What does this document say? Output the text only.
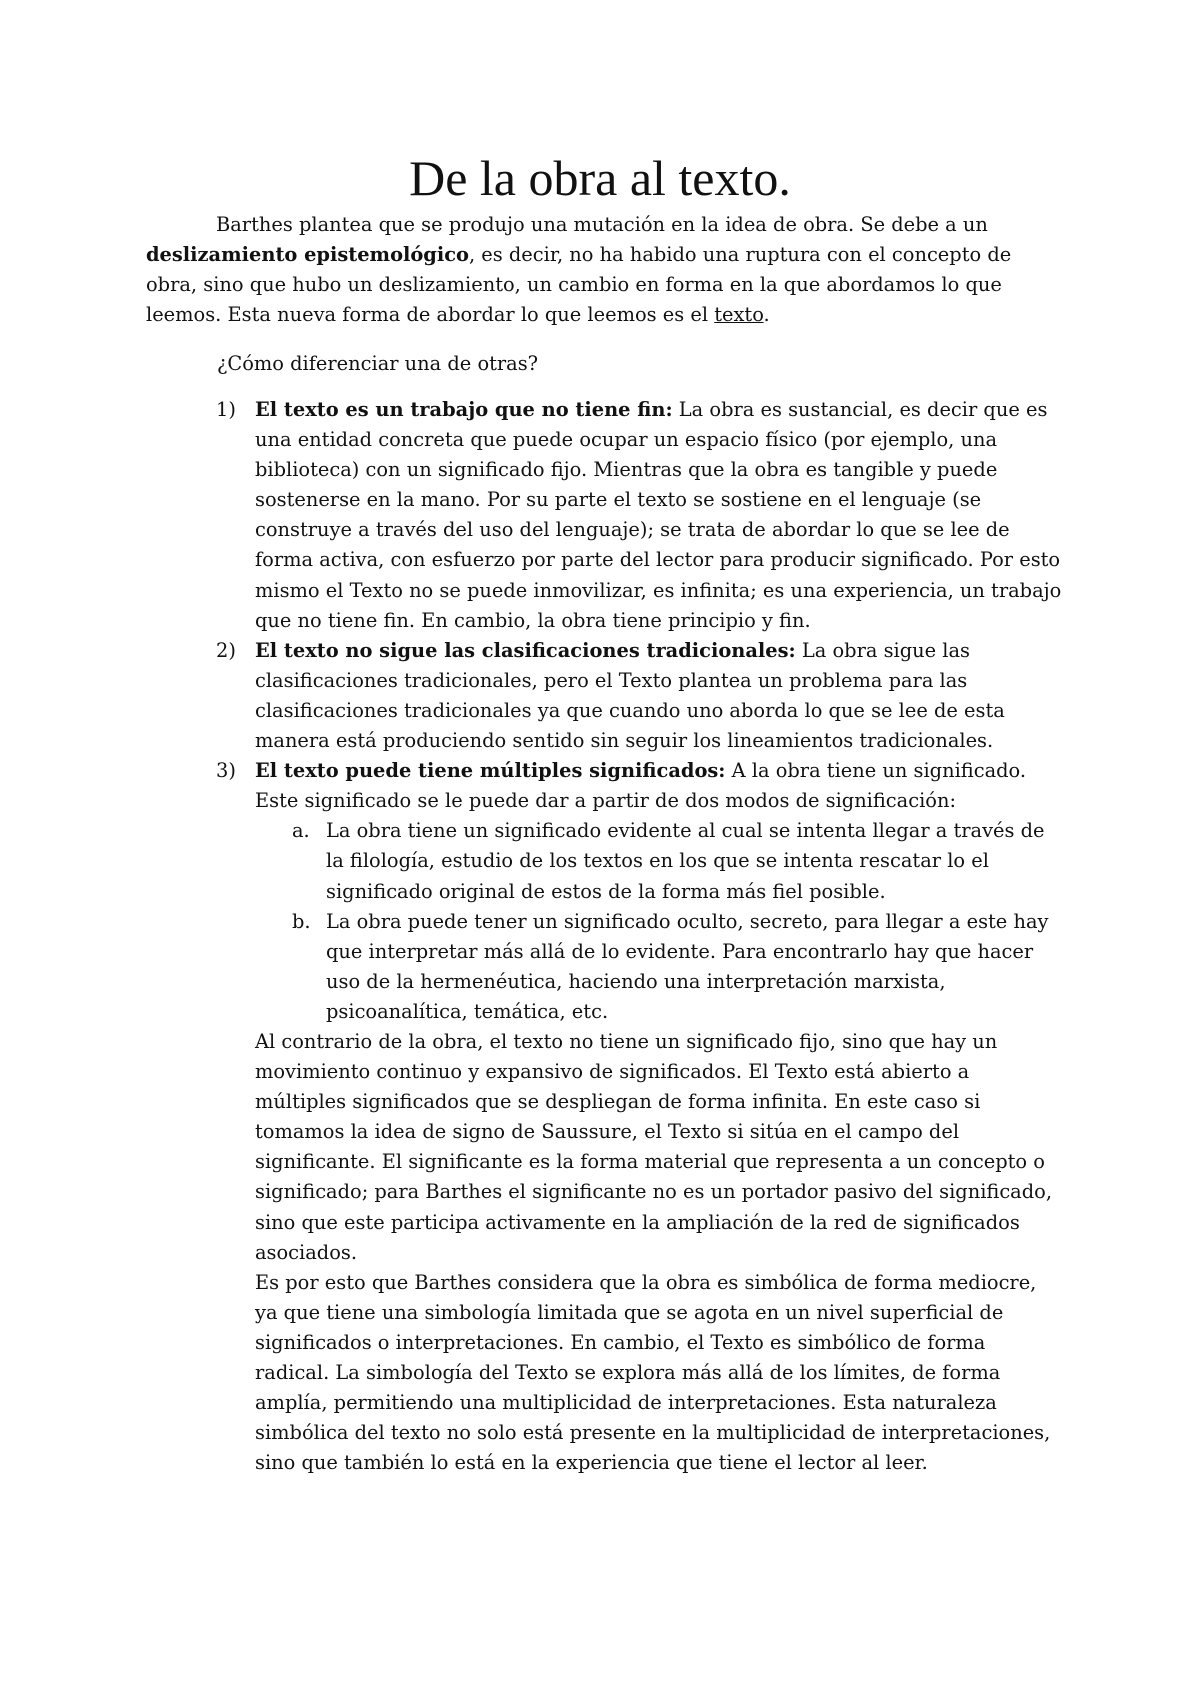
De la obra al texto.

Barthes plantea que se produjo una mutación en la idea de obra. Se debe a un deslizamiento epistemológico, es decir, no ha habido una ruptura con el concepto de obra, sino que hubo un deslizamiento, un cambio en forma en la que abordamos lo que leemos. Esta nueva forma de abordar lo que leemos es el texto.

¿Cómo diferenciar una de otras?

1) El texto es un trabajo que no tiene fin: La obra es sustancial, es decir que es una entidad concreta que puede ocupar un espacio físico (por ejemplo, una biblioteca) con un significado fijo. Mientras que la obra es tangible y puede sostenerse en la mano. Por su parte el texto se sostiene en el lenguaje (se construye a través del uso del lenguaje); se trata de abordar lo que se lee de forma activa, con esfuerzo por parte del lector para producir significado. Por esto mismo el Texto no se puede inmovilizar, es infinita; es una experiencia, un trabajo que no tiene fin. En cambio, la obra tiene principio y fin.
2) El texto no sigue las clasificaciones tradicionales: La obra sigue las clasificaciones tradicionales, pero el Texto plantea un problema para las clasificaciones tradicionales ya que cuando uno aborda lo que se lee de esta manera está produciendo sentido sin seguir los lineamientos tradicionales.
3) El texto puede tiene múltiples significados: A la obra tiene un significado. Este significado se le puede dar a partir de dos modos de significación:
a. La obra tiene un significado evidente al cual se intenta llegar a través de la filología, estudio de los textos en los que se intenta rescatar lo el significado original de estos de la forma más fiel posible.
b. La obra puede tener un significado oculto, secreto, para llegar a este hay que interpretar más allá de lo evidente. Para encontrarlo hay que hacer uso de la hermenéutica, haciendo una interpretación marxista, psicoanalítica, temática, etc.

Al contrario de la obra, el texto no tiene un significado fijo, sino que hay un movimiento continuo y expansivo de significados. El Texto está abierto a múltiples significados que se despliegan de forma infinita. En este caso si tomamos la idea de signo de Saussure, el Texto si sitúa en el campo del significante. El significante es la forma material que representa a un concepto o significado; para Barthes el significante no es un portador pasivo del significado, sino que este participa activamente en la ampliación de la red de significados asociados.

Es por esto que Barthes considera que la obra es simbólica de forma mediocre, ya que tiene una simbología limitada que se agota en un nivel superficial de significados o interpretaciones. En cambio, el Texto es simbólico de forma radical. La simbología del Texto se explora más allá de los límites, de forma amplía, permitiendo una multiplicidad de interpretaciones. Esta naturaleza simbólica del texto no solo está presente en la multiplicidad de interpretaciones, sino que también lo está en la experiencia que tiene el lector al leer.
